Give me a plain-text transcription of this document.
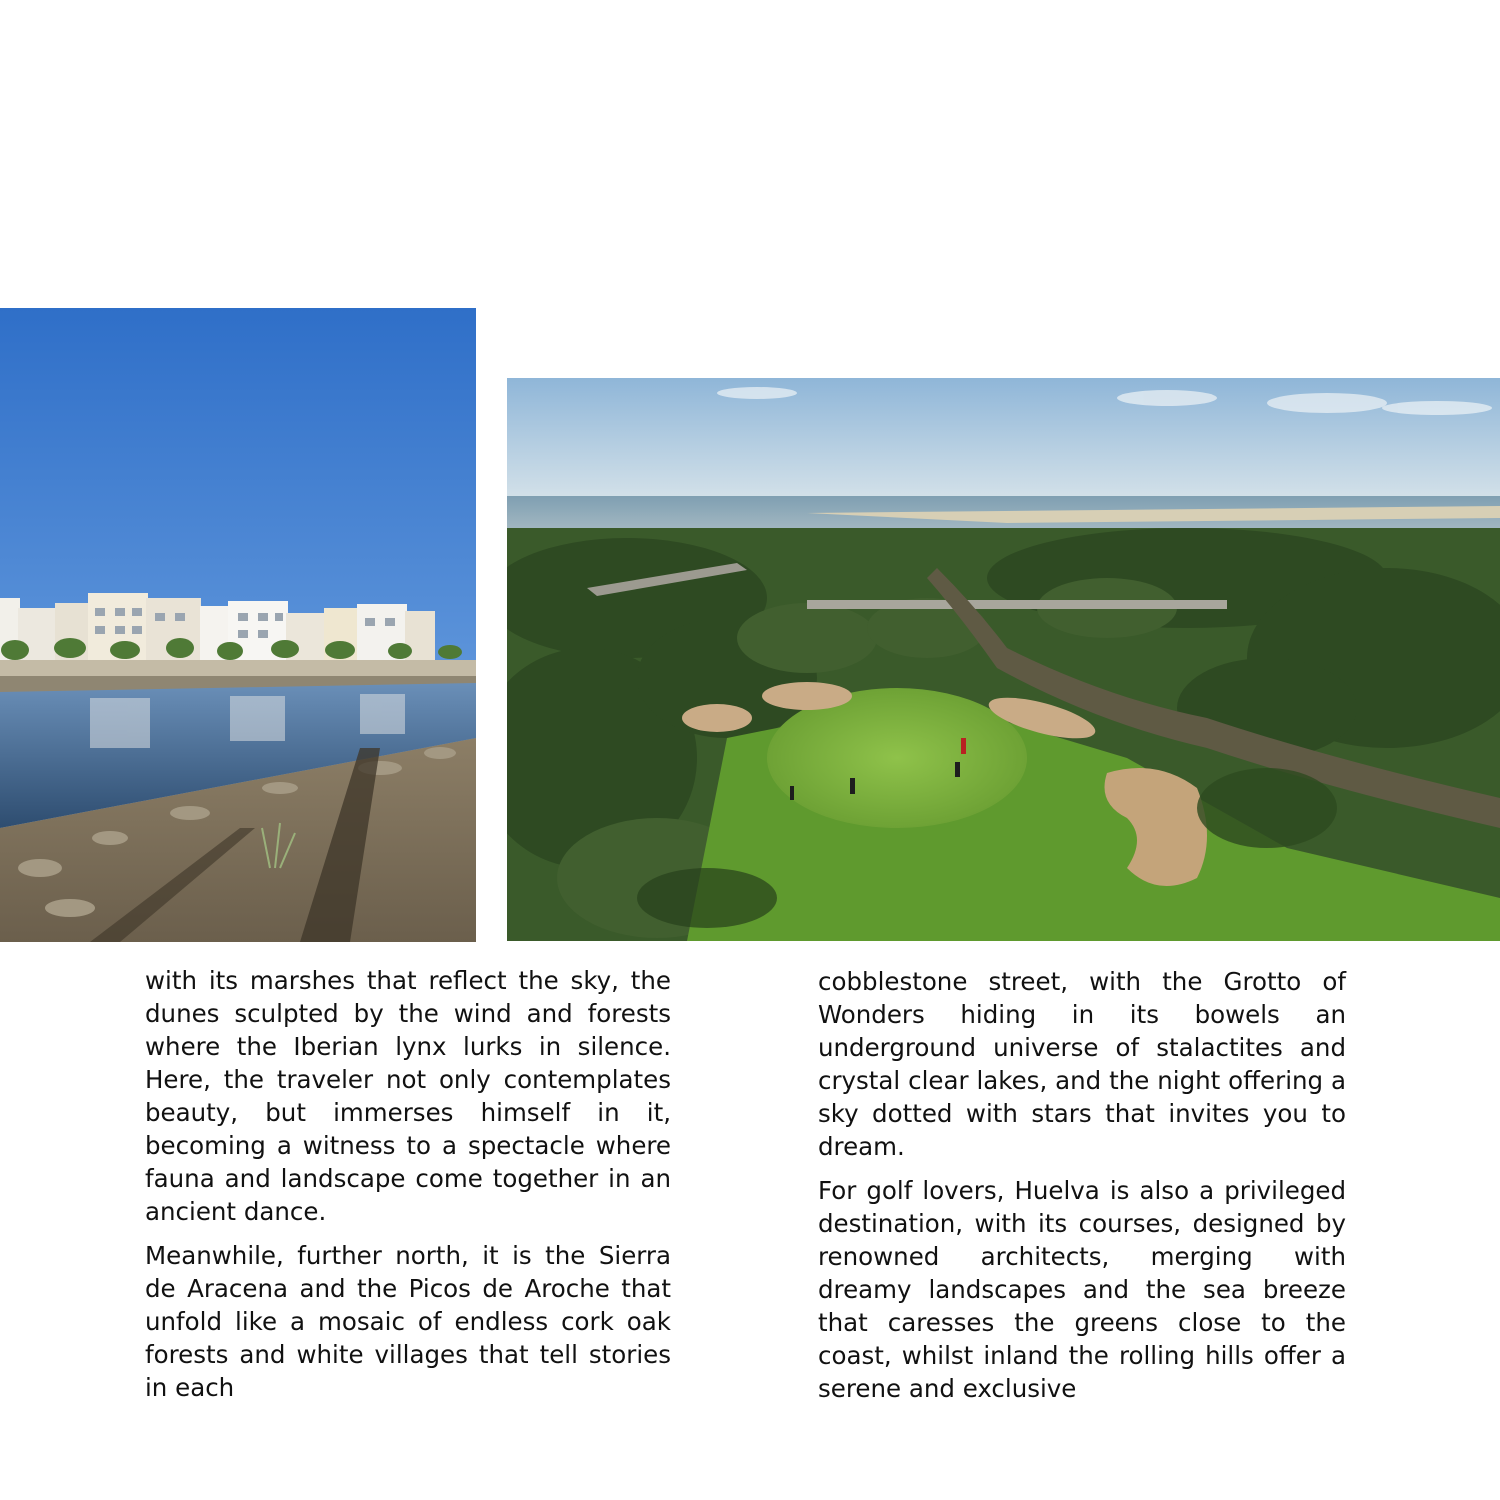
with its marshes that reflect the sky, the dunes sculpted by the wind and forests where the Iberian lynx lurks in silence. Here, the traveler not only contemplates beauty, but immerses himself in it, becoming a witness to a spectacle where fauna and landscape come together in an ancient dance.

Meanwhile, further north, it is the Sierra de Aracena and the Picos de Aroche that unfold like a mosaic of endless cork oak forests and white villages that tell stories in each

cobblestone street, with the Grotto of Wonders hiding in its bowels an underground universe of stalactites and crystal clear lakes, and the night offering a sky dotted with stars that invites you to dream.

For golf lovers, Huelva is also a privileged destination, with its courses, designed by renowned architects, merging with dreamy landscapes and the sea breeze that caresses the greens close to the coast, whilst inland the rolling hills offer a serene and exclusive
